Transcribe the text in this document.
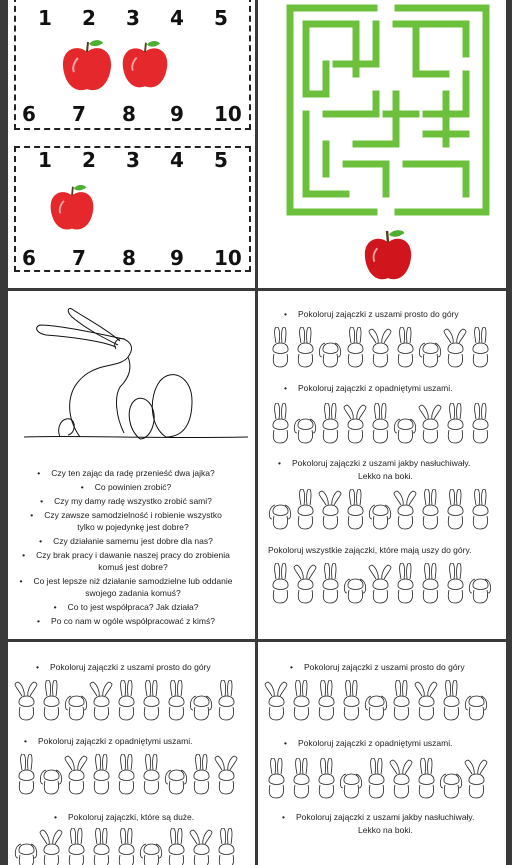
1 2 3 4 5
6 7 8 9 10
1 2 3 4 5
6 7 8 9 10
• Czy ten zając da radę przenieść dwa jajka?
• Co powinien zrobić?
• Czy my damy radę wszystko zrobić sami?
• Czy zawsze samodzielność i robienie wszystko
tylko w pojedynkę jest dobre?
• Czy działanie samemu jest dobre dla nas?
• Czy brak pracy i dawanie naszej pracy do zrobienia
komuś jest dobre?
• Co jest lepsze niż działanie samodzielne lub oddanie
swojego zadania komuś?
• Co to jest współpraca? Jak działa?
• Po co nam w ogóle współpracować z kimś?
• Pokoloruj zajączki z uszami prosto do góry
• Pokoloruj zajączki z opadniętymi uszami.
• Pokoloruj zajączki z uszami jakby nasłuchiwały.
Lekko na boki.
Pokoloruj wszystkie zajączki, które mają uszy do góry.
• Pokoloruj zajączki z uszami prosto do góry
• Pokoloruj zajączki z opadniętymi uszami.
• Pokoloruj zajączki, które są duże.
• Pokoloruj zajączki z uszami prosto do góry
• Pokoloruj zajączki z opadniętymi uszami.
• Pokoloruj zajączki z uszami jakby nasłuchiwały.
Lekko na boki.
